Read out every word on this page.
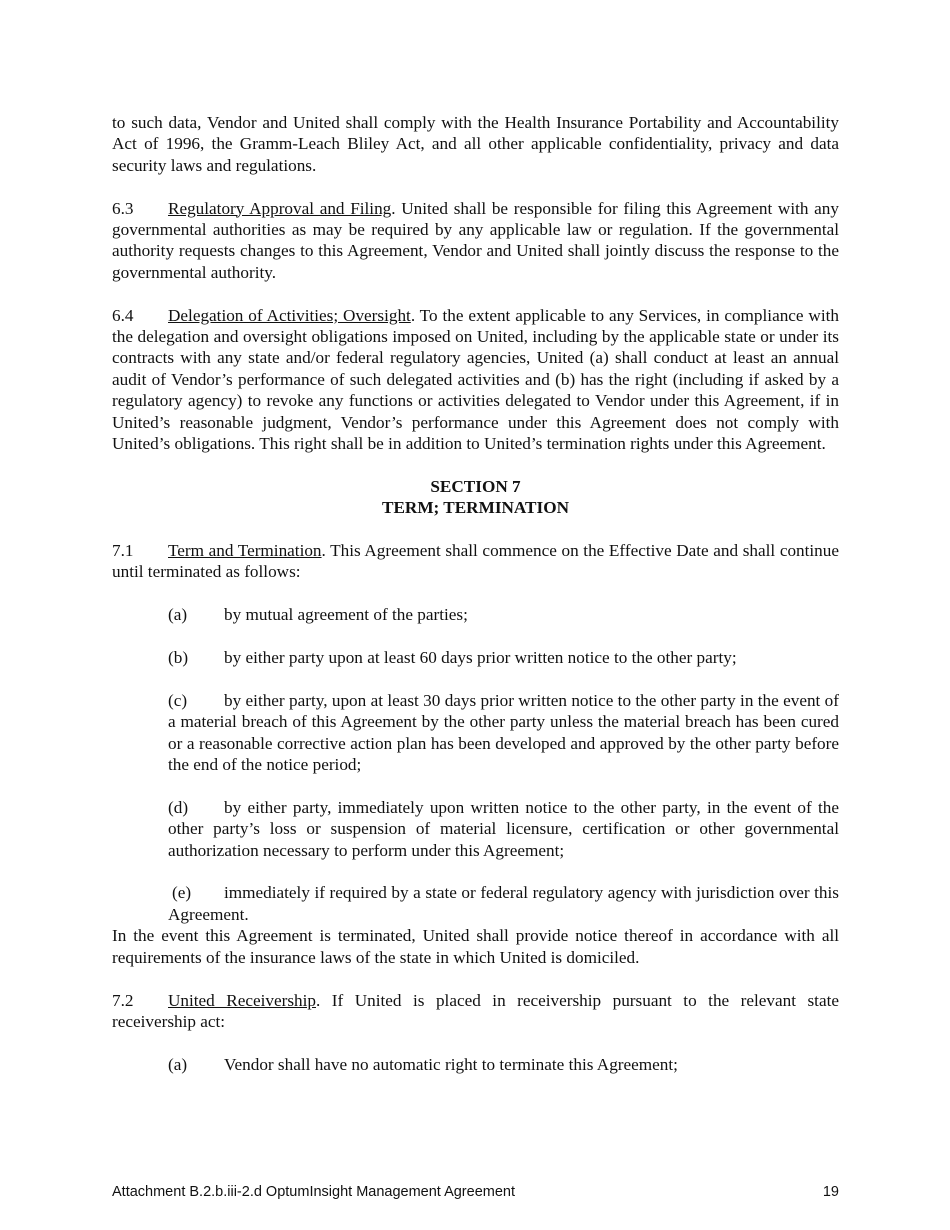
to such data, Vendor and United shall comply with the Health Insurance Portability and Accountability Act of 1996, the Gramm-Leach Bliley Act, and all other applicable confidentiality, privacy and data security laws and regulations.

6.3 Regulatory Approval and Filing. United shall be responsible for filing this Agreement with any governmental authorities as may be required by any applicable law or regulation. If the governmental authority requests changes to this Agreement, Vendor and United shall jointly discuss the response to the governmental authority.

6.4 Delegation of Activities; Oversight. To the extent applicable to any Services, in compliance with the delegation and oversight obligations imposed on United, including by the applicable state or under its contracts with any state and/or federal regulatory agencies, United (a) shall conduct at least an annual audit of Vendor’s performance of such delegated activities and (b) has the right (including if asked by a regulatory agency) to revoke any functions or activities delegated to Vendor under this Agreement, if in United’s reasonable judgment, Vendor’s performance under this Agreement does not comply with United’s obligations. This right shall be in addition to United’s termination rights under this Agreement.

SECTION 7
TERM; TERMINATION

7.1 Term and Termination. This Agreement shall commence on the Effective Date and shall continue until terminated as follows:

(a) by mutual agreement of the parties;

(b) by either party upon at least 60 days prior written notice to the other party;

(c) by either party, upon at least 30 days prior written notice to the other party in the event of a material breach of this Agreement by the other party unless the material breach has been cured or a reasonable corrective action plan has been developed and approved by the other party before the end of the notice period;

(d) by either party, immediately upon written notice to the other party, in the event of the other party’s loss or suspension of material licensure, certification or other governmental authorization necessary to perform under this Agreement;

(e) immediately if required by a state or federal regulatory agency with jurisdiction over this Agreement.

In the event this Agreement is terminated, United shall provide notice thereof in accordance with all requirements of the insurance laws of the state in which United is domiciled.

7.2 United Receivership. If United is placed in receivership pursuant to the relevant state receivership act:

(a) Vendor shall have no automatic right to terminate this Agreement;

Attachment B.2.b.iii-2.d OptumInsight Management Agreement	19
